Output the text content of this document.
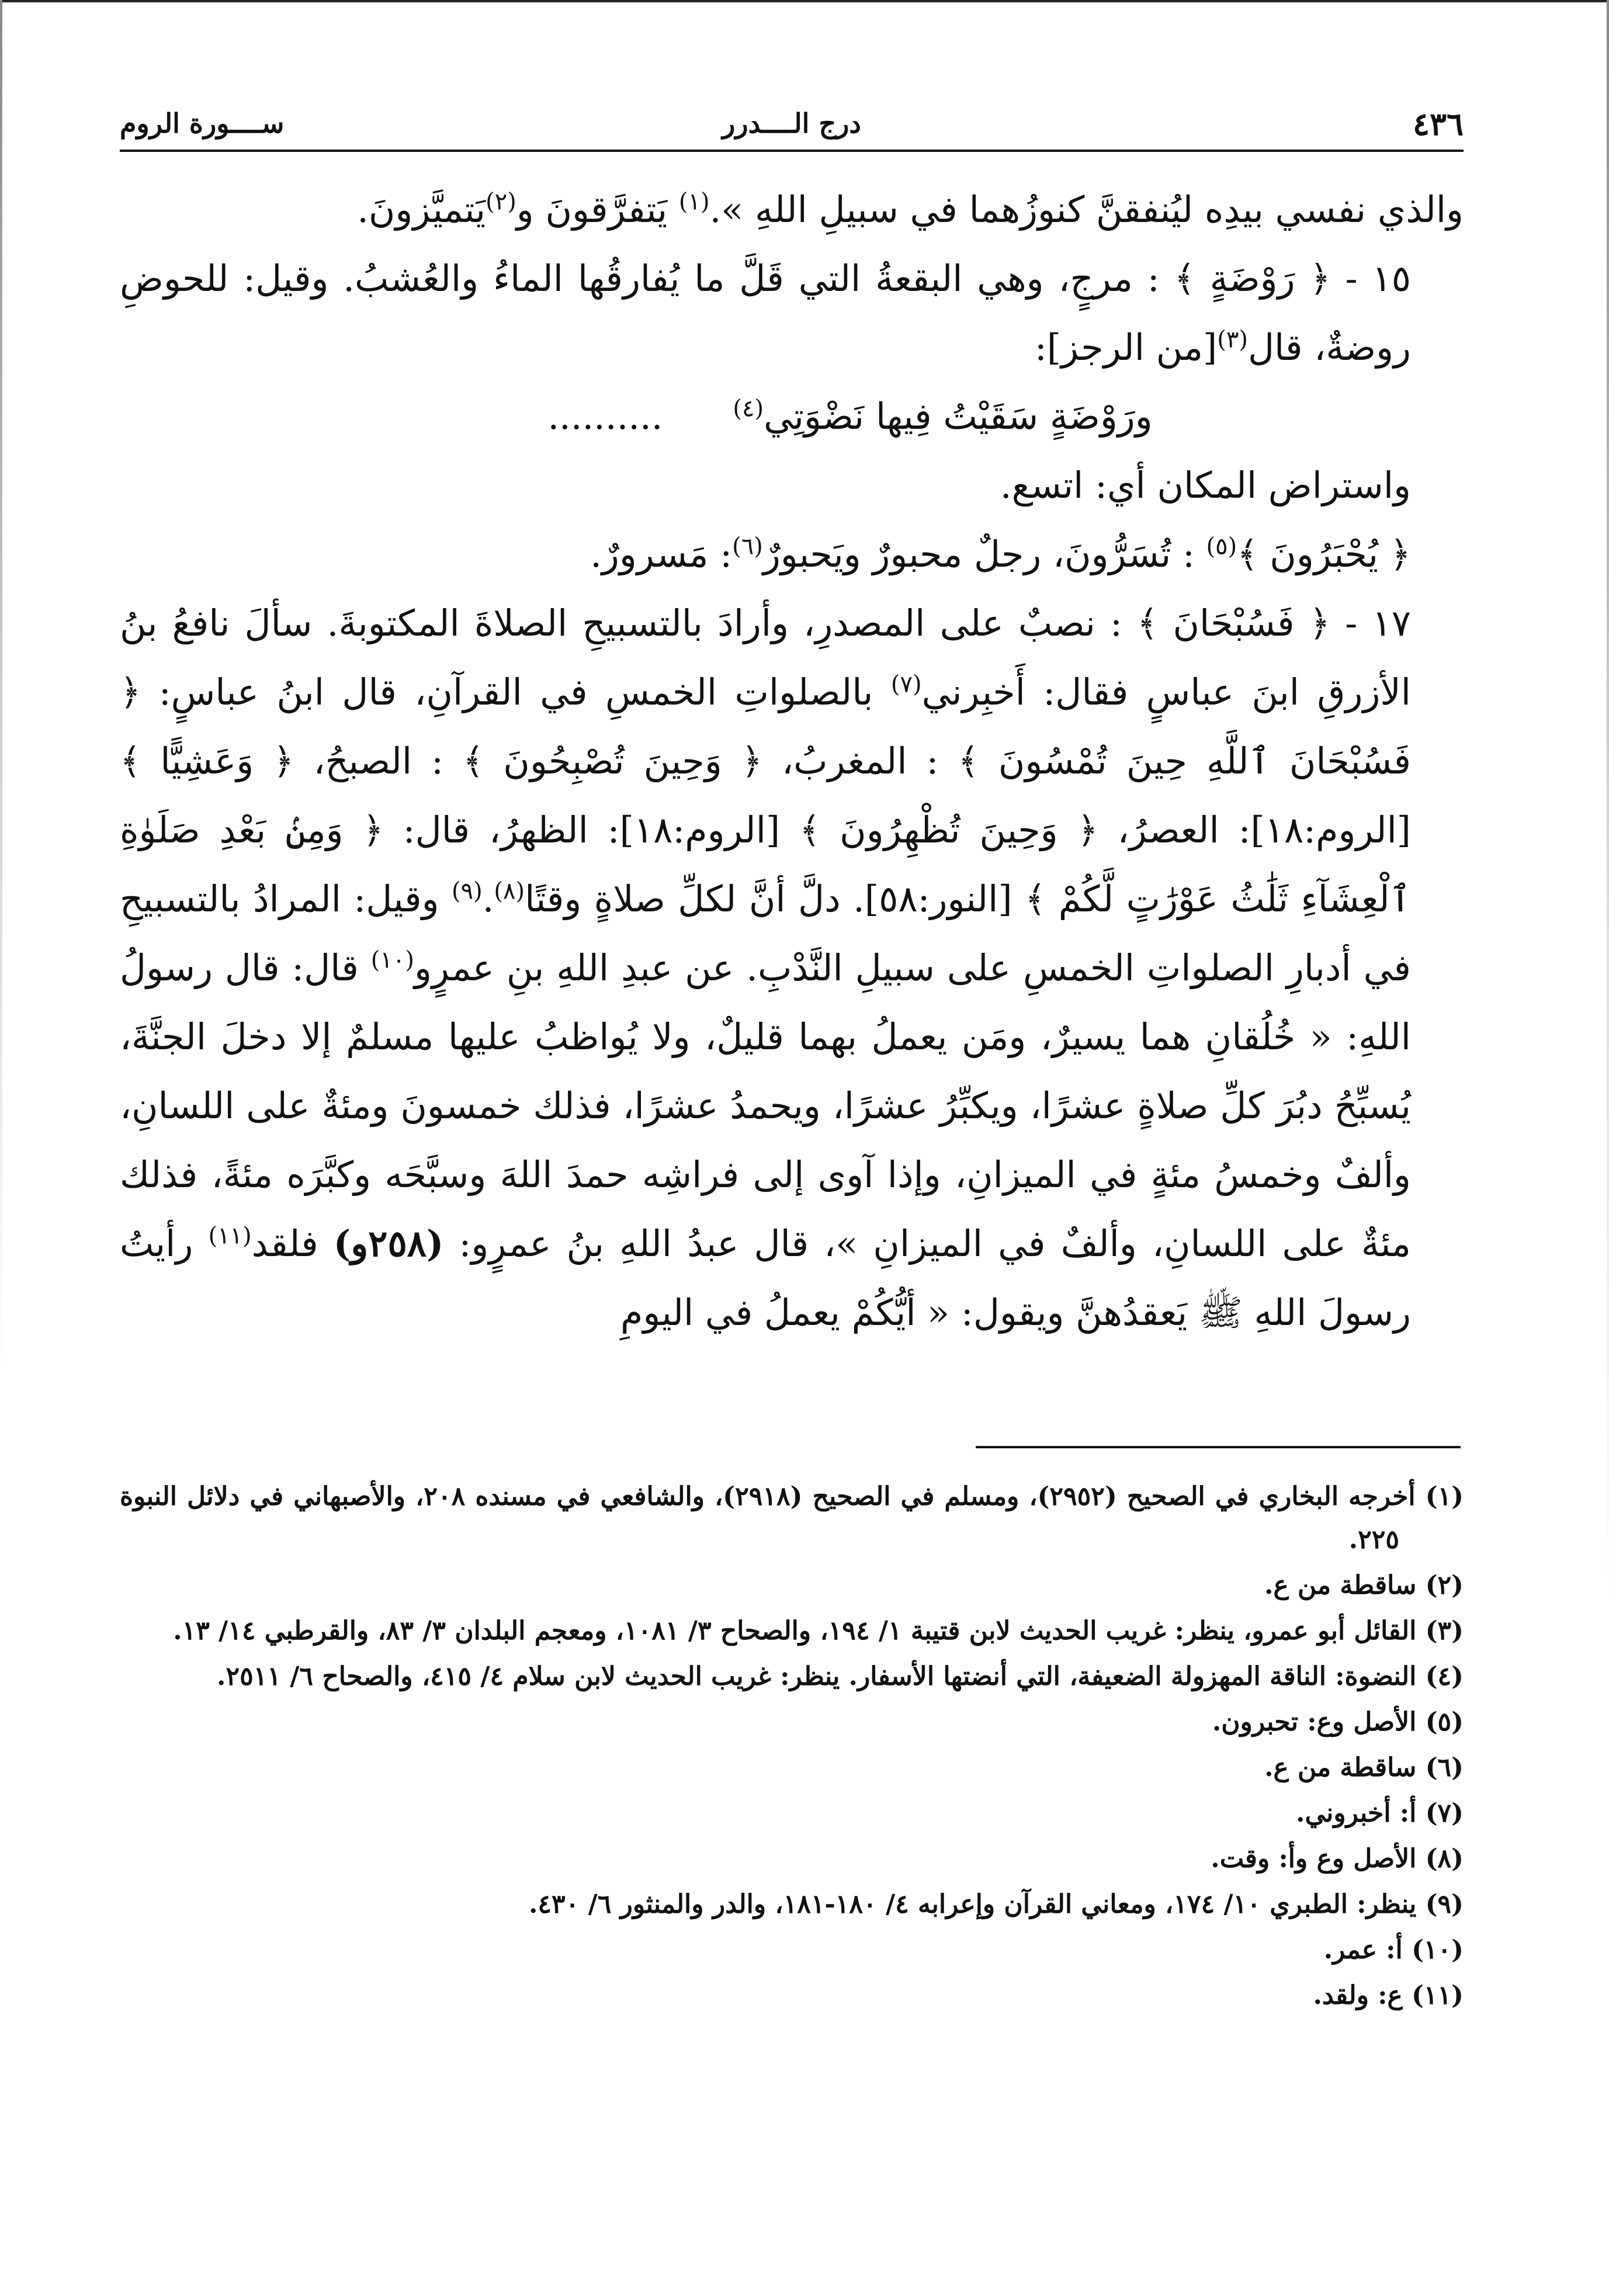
٤٣٦
درج الــــدرر
ســــورة الروم

والذي نفسي بيدِه ليُنفقنَّ كنوزُهما في سبيلِ اللهِ ».$^{(١)}$ يَتفرَّقونَ و$^{(٢)}$يَتميَّزونَ.

١٥ - ﴿ رَوْضَةٍ ﴾ : مرجٍ، وهي البقعةُ التي قَلَّ ما يُفارقُها الماءُ والعُشبُ. وقيل: للحوضِ روضةٌ، قال$^{(٣)}$[من الرجز]:

ورَوْضَةٍ سَقَيْتُ فِيها نَضْوَتِي$^{(٤)}$..........

واستراض المكان أي: اتسع.

﴿ يُحْبَرُونَ ﴾$^{(٥)}$ : تُسَرُّونَ، رجلٌ محبورٌ ويَحبورٌ$^{(٦)}$: مَسرورٌ.

١٧ - ﴿ فَسُبْحَانَ ﴾ : نصبٌ على المصدرِ، وأرادَ بالتسبيحِ الصلاةَ المكتوبةَ. سألَ نافعُ بنُ الأزرقِ ابنَ عباسٍ فقال: أَخبِرني$^{(٧)}$ بالصلواتِ الخمسِ في القرآنِ، قال ابنُ عباسٍ: ﴿ فَسُبْحَانَ ٱللَّهِ حِينَ تُمْسُونَ ﴾ : المغربُ، ﴿ وَحِينَ تُصْبِحُونَ ﴾ : الصبحُ، ﴿ وَعَشِيًّا ﴾ [الروم:١٨]: العصرُ، ﴿ وَحِينَ تُظْهِرُونَ ﴾ [الروم:١٨]: الظهرُ، قال: ﴿ وَمِنۢ بَعْدِ صَلَوٰةِ ٱلْعِشَآءِ ثَلَٰثُ عَوْرَٰتٍ لَّكُمْ ﴾ [النور:٥٨]. دلَّ أنَّ لكلِّ صلاةٍ وقتًا$^{(٨)}$.$^{(٩)}$ وقيل: المرادُ بالتسبيحِ في أدبارِ الصلواتِ الخمسِ على سبيلِ النَّدْبِ. عن عبدِ اللهِ بنِ عمرٍو$^{(١٠)}$ قال: قال رسولُ اللهِ: « خُلُقانِ هما يسيرٌ، ومَن يعملُ بهما قليلٌ، ولا يُواظبُ عليها مسلمٌ إلا دخلَ الجنَّةَ، يُسبِّحُ دبُرَ كلِّ صلاةٍ عشرًا، ويكبِّرُ عشرًا، ويحمدُ عشرًا، فذلك خمسونَ ومئةٌ على اللسانِ، وألفٌ وخمسُ مئةٍ في الميزانِ، وإذا آوى إلى فراشِه حمدَ اللهَ وسبَّحَه وكبَّرَه مئةً، فذلك مئةٌ على اللسانِ، وألفٌ في الميزانِ »، قال عبدُ اللهِ بنُ عمرٍو: (٢٥٨و) فلقد$^{(١١)}$ رأيتُ رسولَ اللهِ ﷺ يَعقدُهنَّ ويقول: « أيُّكُمْ يعملُ في اليومِ

(١) أخرجه البخاري في الصحيح (٢٩٥٢)، ومسلم في الصحيح (٢٩١٨)، والشافعي في مسنده ٢٠٨، والأصبهاني في دلائل النبوة ٢٢٥.

(٢) ساقطة من ع.

(٣) القائل أبو عمرو، ينظر: غريب الحديث لابن قتيبة ١/ ١٩٤، والصحاح ٣/ ١٠٨١، ومعجم البلدان ٣/ ٨٣، والقرطبي ١٤/ ١٣.

(٤) النضوة: الناقة المهزولة الضعيفة، التي أنضتها الأسفار. ينظر: غريب الحديث لابن سلام ٤/ ٤١٥، والصحاح ٦/ ٢٥١١.

(٥) الأصل وع: تحبرون.

(٦) ساقطة من ع.

(٧) أ: أخبروني.

(٨) الأصل وع وأ: وقت.

(٩) ينظر: الطبري ١٠/ ١٧٤، ومعاني القرآن وإعرابه ٤/ ١٨٠-١٨١، والدر والمنثور ٦/ ٤٣٠.

(١٠) أ: عمر.

(١١) ع: ولقد.
